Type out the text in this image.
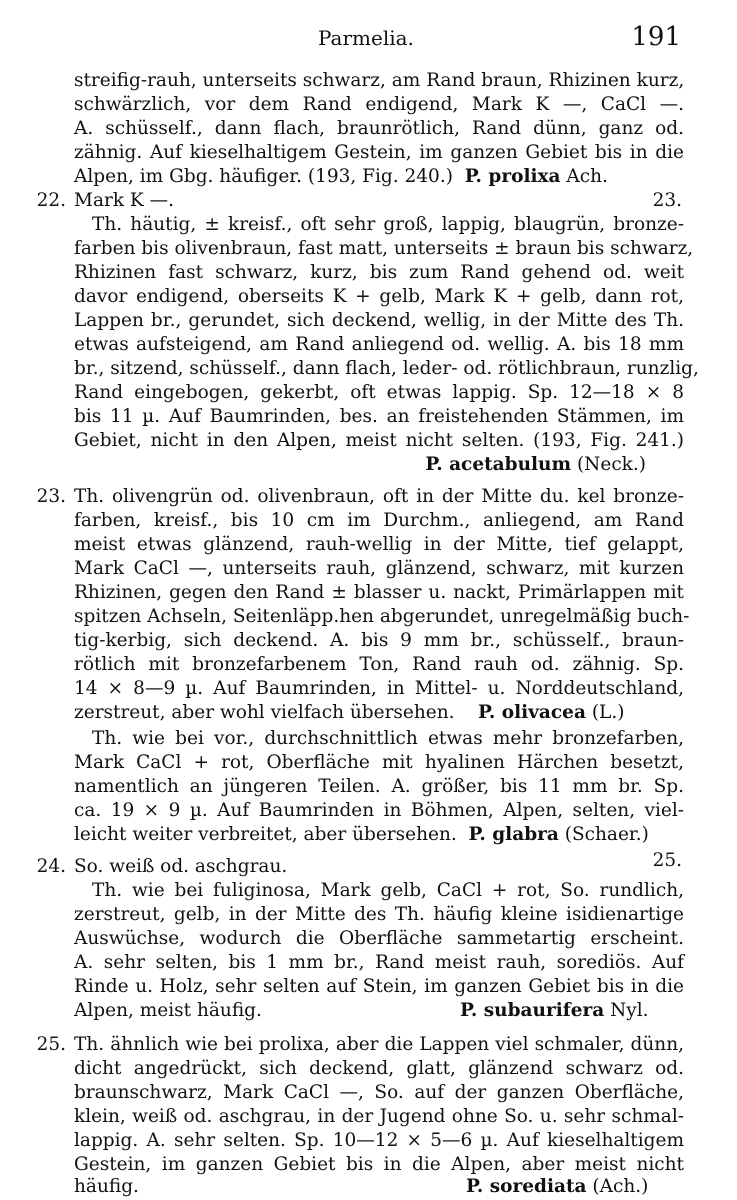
Parmelia.	191
streifig-rauh, unterseits schwarz, am Rand braun, Rhizinen kurz,
schwärzlich, vor dem Rand endigend, Mark K —, CaCl —.
A. schüsself., dann flach, braunrötlich, Rand dünn, ganz od.
zähnig. Auf kieselhaltigem Gestein, im ganzen Gebiet bis in die
Alpen, im Gbg. häufiger. (193, Fig. 240.) P. prolixa Ach.
22. Mark K —.	23.
Th. häutig, ± kreisf., oft sehr groß, lappig, blaugrün, bronze-
farben bis olivenbraun, fast matt, unterseits ± braun bis schwarz,
Rhizinen fast schwarz, kurz, bis zum Rand gehend od. weit
davor endigend, oberseits K + gelb, Mark K + gelb, dann rot,
Lappen br., gerundet, sich deckend, wellig, in der Mitte des Th.
etwas aufsteigend, am Rand anliegend od. wellig. A. bis 18 mm
br., sitzend, schüsself., dann flach, leder- od. rötlichbraun, runzlig,
Rand eingebogen, gekerbt, oft etwas lappig. Sp. 12—18 × 8
bis 11 µ. Auf Baumrinden, bes. an freistehenden Stämmen, im
Gebiet, nicht in den Alpen, meist nicht selten. (193, Fig. 241.)
P. acetabulum (Neck.)
23. Th. olivengrün od. olivenbraun, oft in der Mitte du. kel bronze-
farben, kreisf., bis 10 cm im Durchm., anliegend, am Rand
meist etwas glänzend, rauh-wellig in der Mitte, tief gelappt,
Mark CaCl —, unterseits rauh, glänzend, schwarz, mit kurzen
Rhizinen, gegen den Rand ± blasser u. nackt, Primärlappen mit
spitzen Achseln, Seitenläpp.hen abgerundet, unregelmäßig buch-
tig-kerbig, sich deckend. A. bis 9 mm br., schüsself., braun-
rötlich mit bronzefarbenem Ton, Rand rauh od. zähnig. Sp.
14 × 8—9 µ. Auf Baumrinden, in Mittel- u. Norddeutschland,
zerstreut, aber wohl vielfach übersehen. P. olivacea (L.)
Th. wie bei vor., durchschnittlich etwas mehr bronzefarben,
Mark CaCl + rot, Oberfläche mit hyalinen Härchen besetzt,
namentlich an jüngeren Teilen. A. größer, bis 11 mm br. Sp.
ca. 19 × 9 µ. Auf Baumrinden in Böhmen, Alpen, selten, viel-
leicht weiter verbreitet, aber übersehen. P. glabra (Schaer.)
24. So. weiß od. aschgrau.	25.
Th. wie bei fuliginosa, Mark gelb, CaCl + rot, So. rundlich,
zerstreut, gelb, in der Mitte des Th. häufig kleine isidienartige
Auswüchse, wodurch die Oberfläche sammetartig erscheint.
A. sehr selten, bis 1 mm br., Rand meist rauh, sorediös. Auf
Rinde u. Holz, sehr selten auf Stein, im ganzen Gebiet bis in die
Alpen, meist häufig.	P. subaurifera Nyl.
25. Th. ähnlich wie bei prolixa, aber die Lappen viel schmaler, dünn,
dicht angedrückt, sich deckend, glatt, glänzend schwarz od.
braunschwarz, Mark CaCl —, So. auf der ganzen Oberfläche,
klein, weiß od. aschgrau, in der Jugend ohne So. u. sehr schmal-
lappig. A. sehr selten. Sp. 10—12 × 5—6 µ. Auf kieselhaltigem
Gestein, im ganzen Gebiet bis in die Alpen, aber meist nicht
häufig.	P. sorediata (Ach.)
